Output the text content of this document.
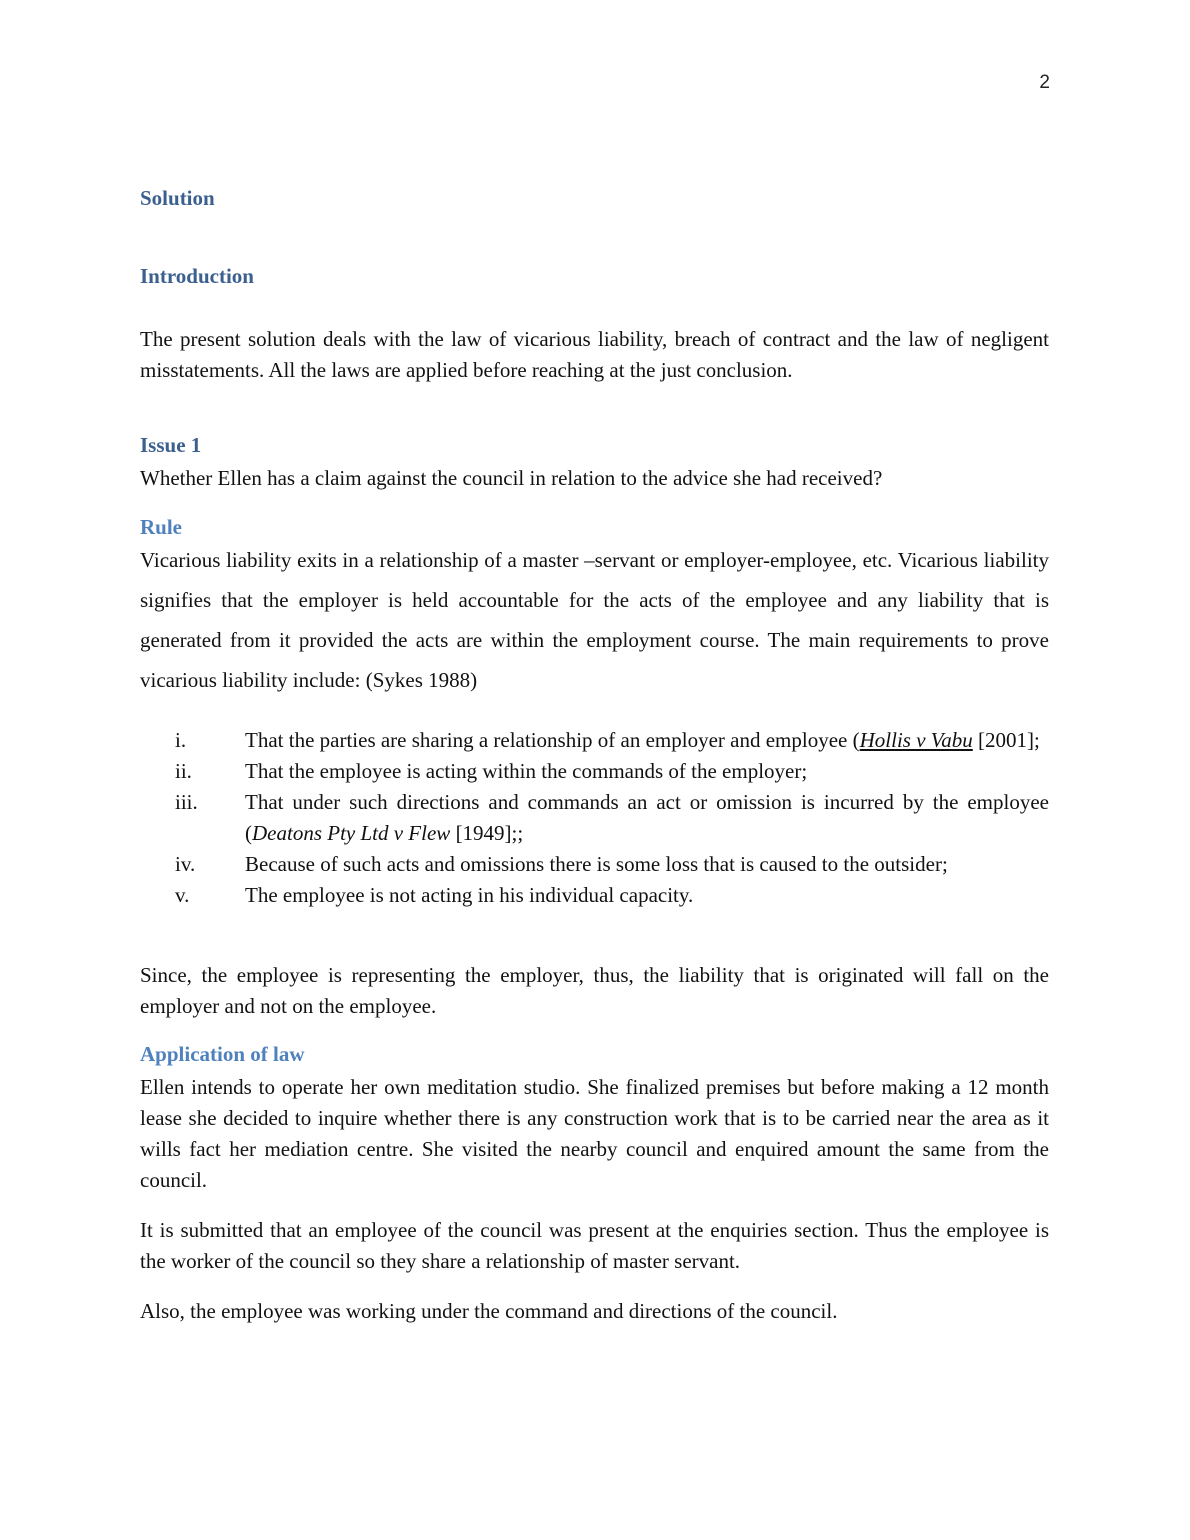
2
Solution
Introduction

The present solution deals with the law of vicarious liability, breach of contract and the law of negligent misstatements. All the laws are applied before reaching at the just conclusion.

Issue 1

Whether Ellen has a claim against the council in relation to the advice she had received?

Rule

Vicarious liability exits in a relationship of a master –servant or employer-employee, etc. Vicarious liability signifies that the employer is held accountable for the acts of the employee and any liability that is generated from it provided the acts are within the employment course. The main requirements to prove vicarious liability include: (Sykes 1988)

i.	That the parties are sharing a relationship of an employer and employee (Hollis v Vabu [2001];
ii.	That the employee is acting within the commands of the employer;
iii. That under such directions and commands an act or omission is incurred by the employee (Deatons Pty Ltd v Flew [1949];;
iv. Because of such acts and omissions there is some loss that is caused to the outsider;
v.	The employee is not acting in his individual capacity.

Since, the employee is representing the employer, thus, the liability that is originated will fall on the employer and not on the employee.

Application of law

Ellen intends to operate her own meditation studio. She finalized premises but before making a 12 month lease she decided to inquire whether there is any construction work that is to be carried near the area as it wills fact her mediation centre. She visited the nearby council and enquired amount the same from the council.

It is submitted that an employee of the council was present at the enquiries section. Thus the employee is the worker of the council so they share a relationship of master servant.

Also, the employee was working under the command and directions of the council.
